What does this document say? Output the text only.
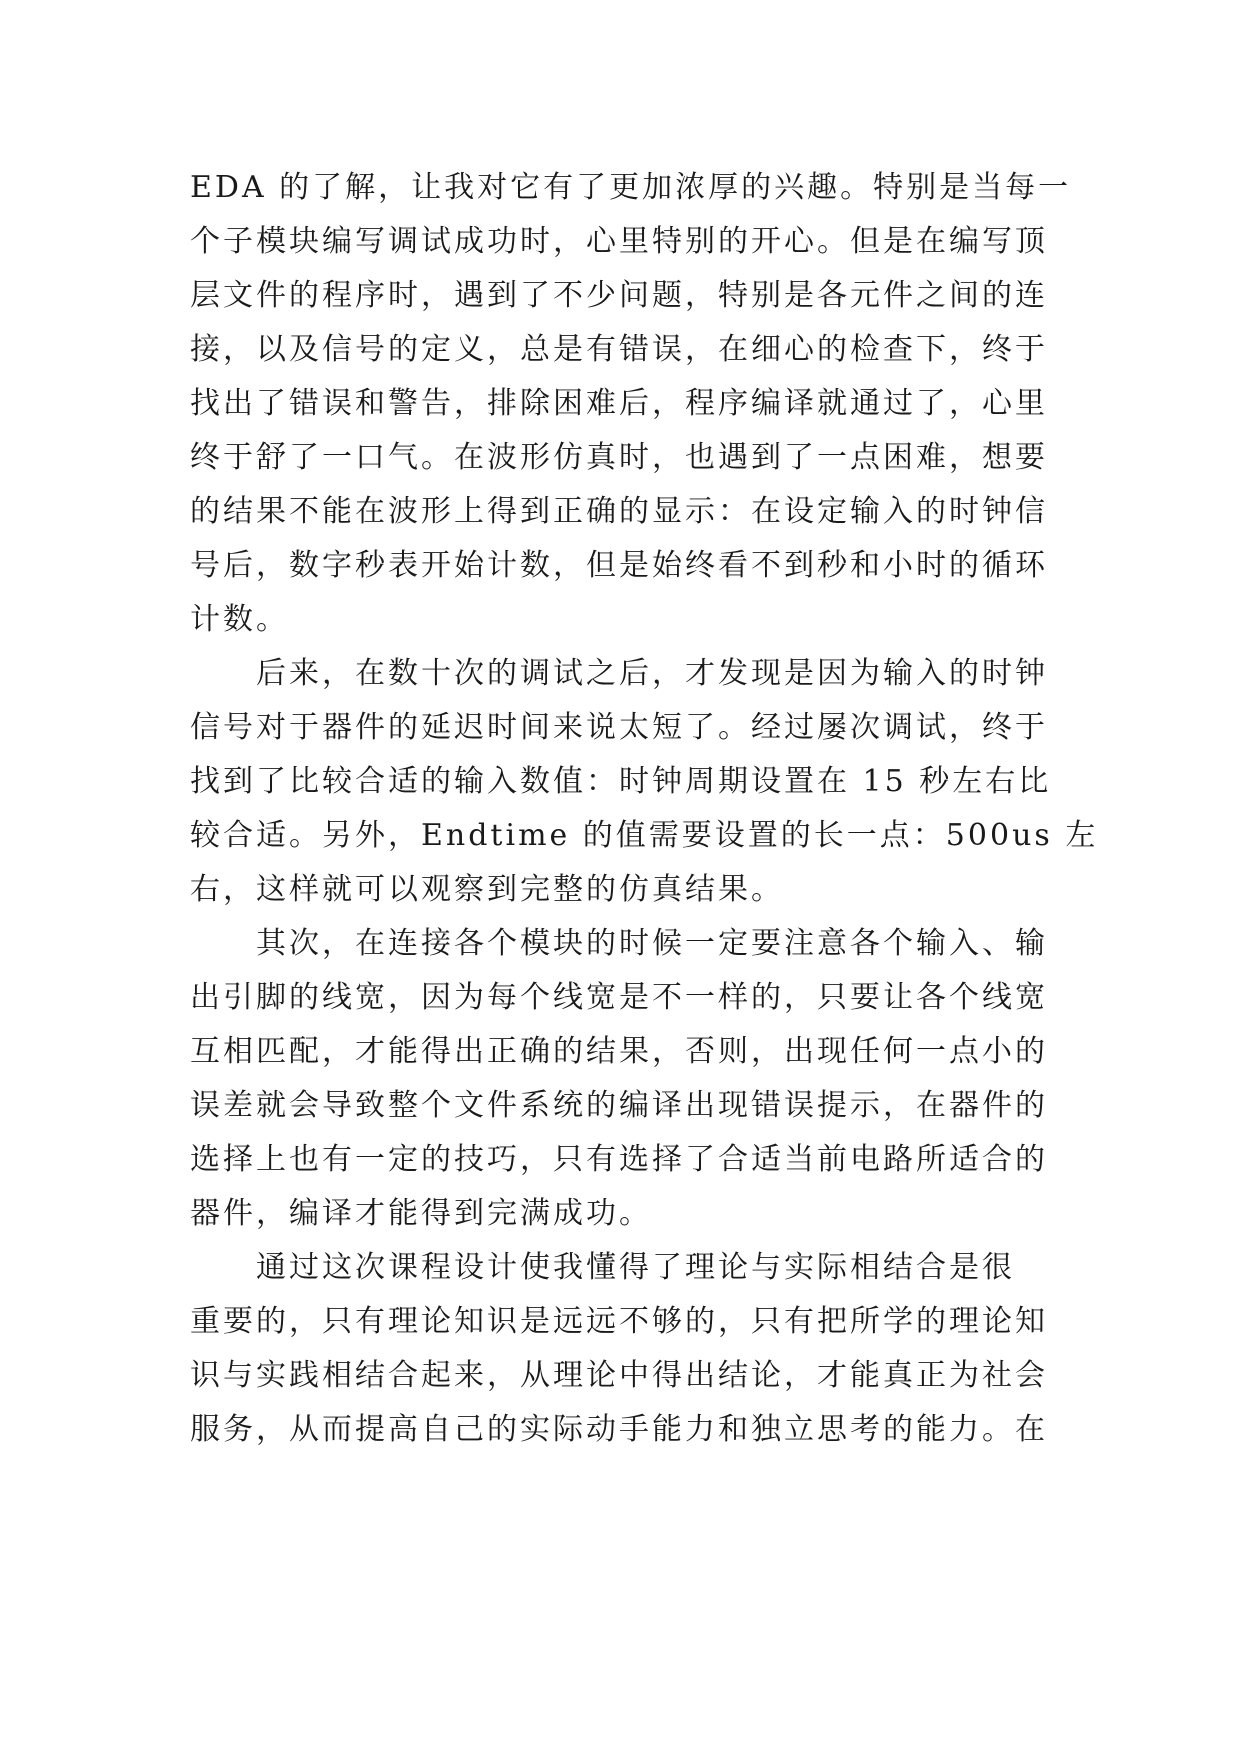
EDA 的了解，让我对它有了更加浓厚的兴趣。特别是当每一
个子模块编写调试成功时，心里特别的开心。但是在编写顶
层文件的程序时，遇到了不少问题，特别是各元件之间的连
接，以及信号的定义，总是有错误，在细心的检查下，终于
找出了错误和警告，排除困难后，程序编译就通过了，心里
终于舒了一口气。在波形仿真时，也遇到了一点困难，想要
的结果不能在波形上得到正确的显示：在设定输入的时钟信
号后，数字秒表开始计数，但是始终看不到秒和小时的循环
计数。
　　后来，在数十次的调试之后，才发现是因为输入的时钟
信号对于器件的延迟时间来说太短了。经过屡次调试，终于
找到了比较合适的输入数值：时钟周期设置在 15 秒左右比
较合适。另外，Endtime 的值需要设置的长一点：500us 左
右，这样就可以观察到完整的仿真结果。
　　其次，在连接各个模块的时候一定要注意各个输入、输
出引脚的线宽，因为每个线宽是不一样的，只要让各个线宽
互相匹配，才能得出正确的结果，否则，出现任何一点小的
误差就会导致整个文件系统的编译出现错误提示，在器件的
选择上也有一定的技巧，只有选择了合适当前电路所适合的
器件，编译才能得到完满成功。
　　通过这次课程设计使我懂得了理论与实际相结合是很
重要的，只有理论知识是远远不够的，只有把所学的理论知
识与实践相结合起来，从理论中得出结论，才能真正为社会
服务，从而提高自己的实际动手能力和独立思考的能力。在
